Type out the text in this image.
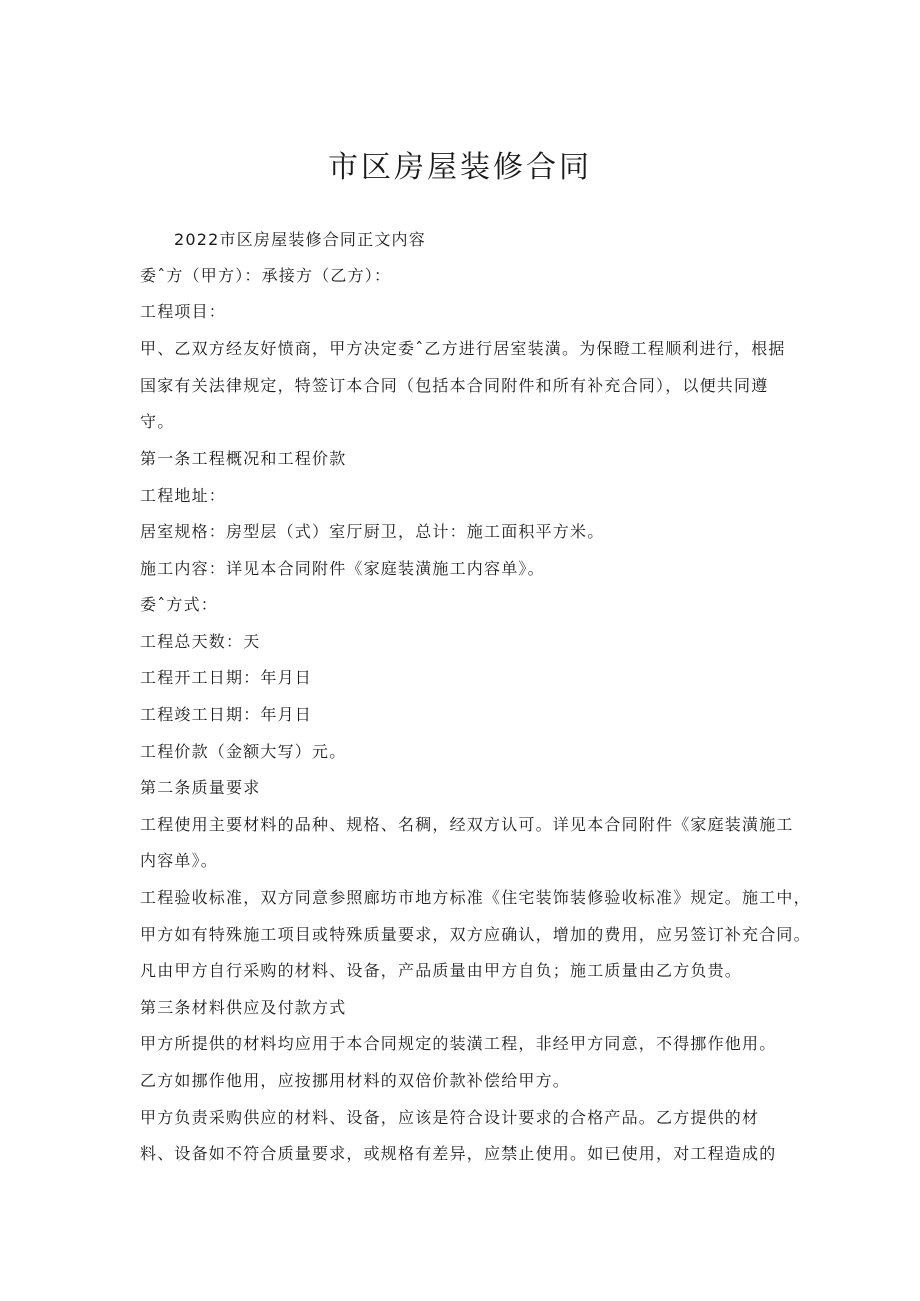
市区房屋装修合同

2022市区房屋装修合同正文内容

委ˆ方（甲方）：承接方（乙方）：

工程项目：

甲、乙双方经友好愤商，甲方决定委ˆ乙方进行居室装潢。为保瞪工程顺利进行，根据

国家有关法律规定，特签订本合同（包括本合同附件和所有补充合同），以便共同遵

守。

第一条工程概况和工程价款

工程地址：

居室规格：房型层（式）室厅厨卫，总计：施工面积平方米。

施工内容：详见本合同附件《家庭装潢施工内容单》。

委ˆ方式：

工程总天数：天

工程开工日期：年月日

工程竣工日期：年月日

工程价款（金额大写）元。

第二条质量要求

工程使用主要材料的品种、规格、名稠，经双方认可。详见本合同附件《家庭装潢施工

内容单》。

工程验收标准，双方同意参照廊坊市地方标准《住宅装饰装修验收标准》规定。施工中，

甲方如有特殊施工项目或特殊质量要求，双方应确认，增加的费用，应另签订补充合同。

凡由甲方自行采购的材料、设备，产品质量由甲方自负；施工质量由乙方负贵。

第三条材料供应及付款方式

甲方所提供的材料均应用于本合同规定的装潢工程，非经甲方同意，不得挪作他用。

乙方如挪作他用，应按挪用材料的双倍价款补偿给甲方。

甲方负责采购供应的材料、设备，应该是符合设计要求的合格产品。乙方提供的材

料、设备如不符合质量要求，或规格有差异，应禁止使用。如已使用，对工程造成的
